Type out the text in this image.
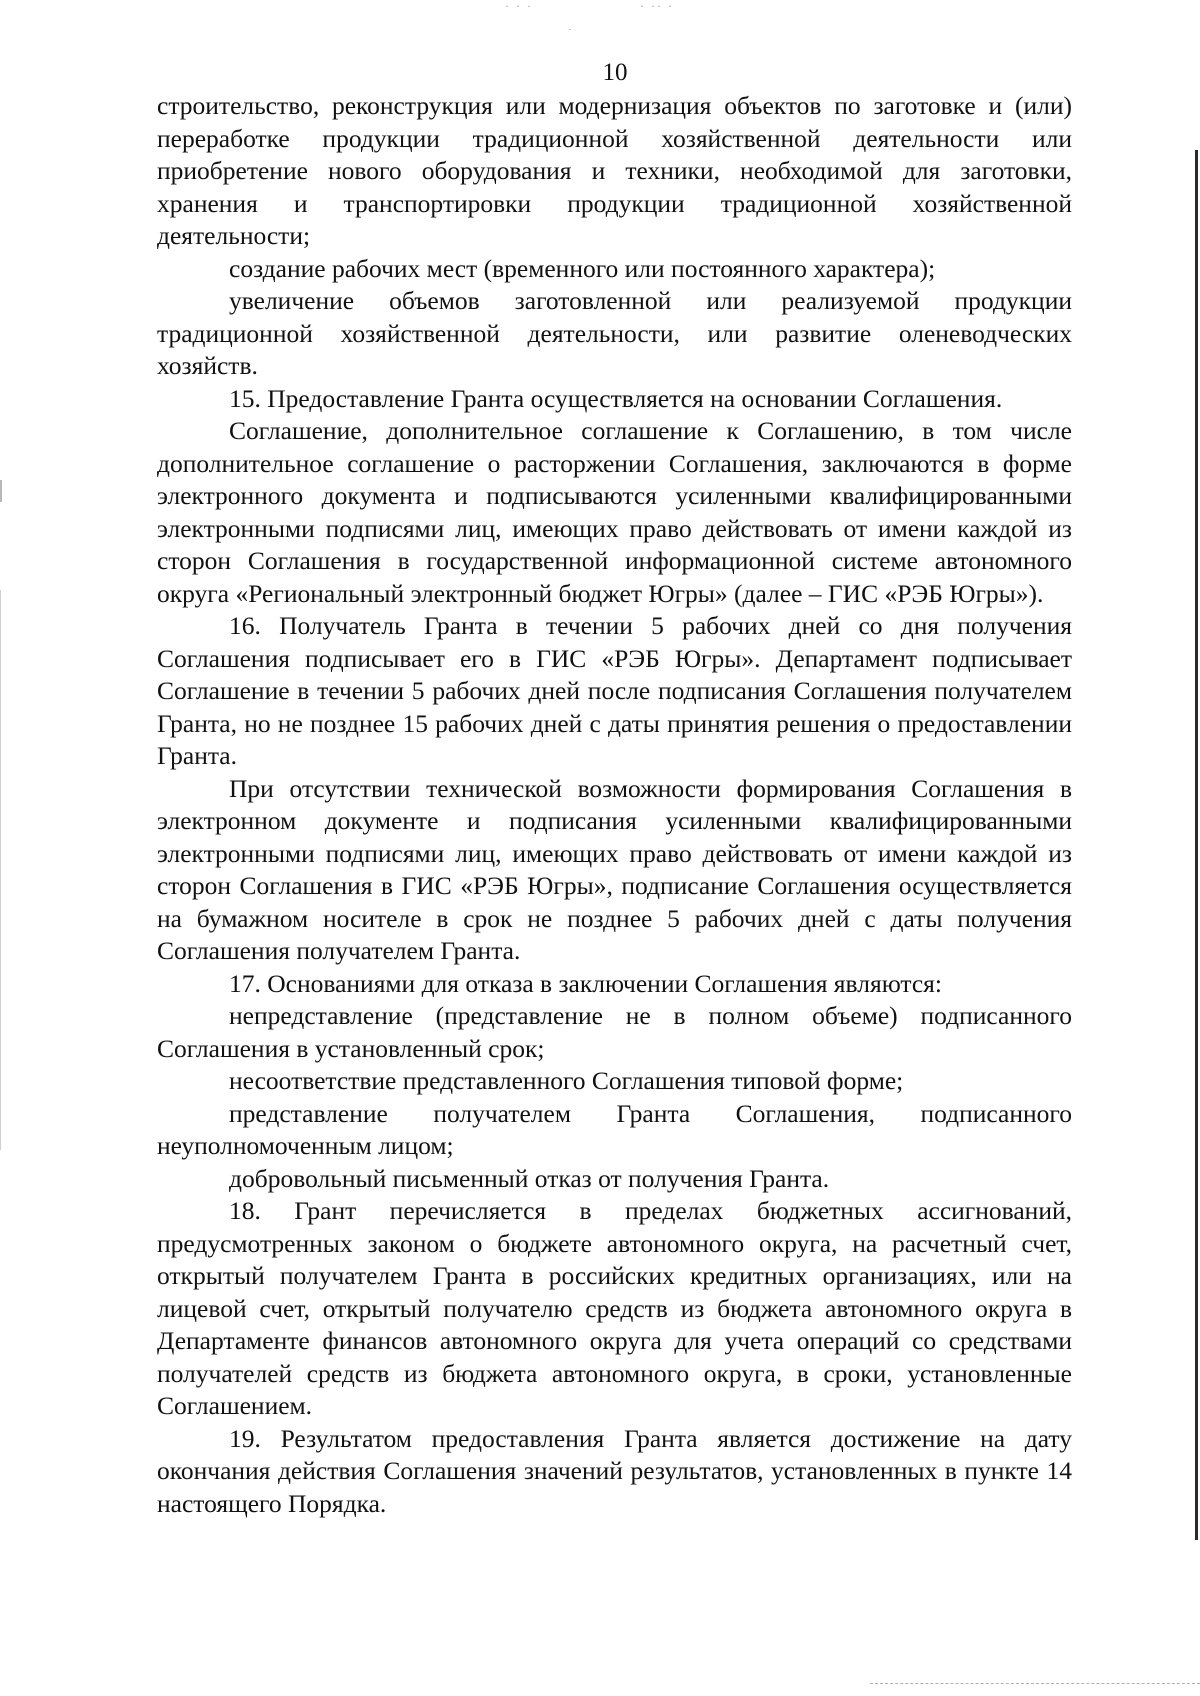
· · ·	· ·· ·
·
10

строительство, реконструкция или модернизация объектов по заготовке и (или) переработке продукции традиционной хозяйственной деятельности или приобретение нового оборудования и техники, необходимой для заготовки, хранения и транспортировки продукции традиционной хозяйственной деятельности;

создание рабочих мест (временного или постоянного характера);

увеличение объемов заготовленной или реализуемой продукции традиционной хозяйственной деятельности, или развитие оленеводческих хозяйств.

15. Предоставление Гранта осуществляется на основании Соглашения.

Соглашение, дополнительное соглашение к Соглашению, в том числе дополнительное соглашение о расторжении Соглашения, заключаются в форме электронного документа и подписываются усиленными квалифицированными электронными подписями лиц, имеющих право действовать от имени каждой из сторон Соглашения в государственной информационной системе автономного округа «Региональный электронный бюджет Югры» (далее – ГИС «РЭБ Югры»).

16. Получатель Гранта в течении 5 рабочих дней со дня получения Соглашения подписывает его в ГИС «РЭБ Югры». Департамент подписывает Соглашение в течении 5 рабочих дней после подписания Соглашения получателем Гранта, но не позднее 15 рабочих дней с даты принятия решения о предоставлении Гранта.

При отсутствии технической возможности формирования Соглашения в электронном документе и подписания усиленными квалифицированными электронными подписями лиц, имеющих право действовать от имени каждой из сторон Соглашения в ГИС «РЭБ Югры», подписание Соглашения осуществляется на бумажном носителе в срок не позднее 5 рабочих дней с даты получения Соглашения получателем Гранта.

17. Основаниями для отказа в заключении Соглашения являются:

непредставление (представление не в полном объеме) подписанного Соглашения в установленный срок;

несоответствие представленного Соглашения типовой форме;

представление получателем Гранта Соглашения, подписанного неуполномоченным лицом;

добровольный письменный отказ от получения Гранта.

18. Грант перечисляется в пределах бюджетных ассигнований, предусмотренных законом о бюджете автономного округа, на расчетный счет, открытый получателем Гранта в российских кредитных организациях, или на лицевой счет, открытый получателю средств из бюджета автономного округа в Департаменте финансов автономного округа для учета операций со средствами получателей средств из бюджета автономного округа, в сроки, установленные Соглашением.

19. Результатом предоставления Гранта является достижение на дату окончания действия Соглашения значений результатов, установленных в пункте 14 настоящего Порядка.
